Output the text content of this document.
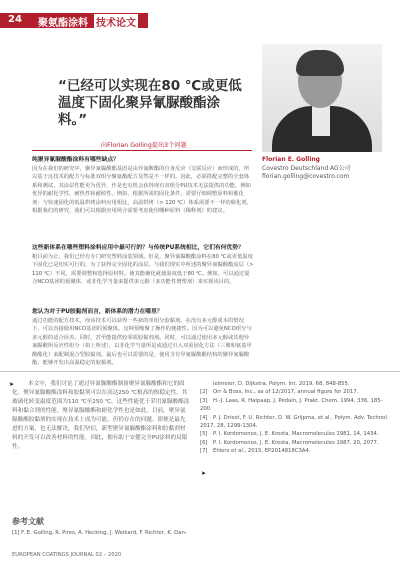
24 聚氨酯涂料 技术论文
“已经可以实现在80 ℃或更低温度下固化聚异氰脲酸酯涂料。”
向Florian Golling提出3个问题
Florian E. Golling
Covestro Deutschland AG公司
florian.golling@covestro.com

纯聚异氰脲酸酯涂料有哪些缺点？

因为在我们的研究中，聚异氰脲酸酯基团是由异氰酸酯的自身反应（交联反应）而形成的，所以基于这技术的配方与标准双组分聚氨酯配方显然是不一样的。因此，必须搭配完整的全套体系和测试，其涂层性能更为优异，作是也有机会获得现有双组分PU技术无法提供的功能，例如优异的耐化学性，耐热性和耐候性。例如，根据所需的固化条件，需要仔细调整原料和催化剂：与快速固化的低温烘烤涂料应用相比，高温烘烤（> 120 ℃）体系需要不一样的催化剂。根据我们的研究，我们可以根据应用场合需要考虑使用哪种原料（稀释剂）的建议。

这些新体系在哪些塑料涂料应用中最可行的？与传统PU系统相比，它们有何优势？

粗目前为止，我们已经有专门研究塑料涂装领域。但是，聚异氰脲酸酯涂料在80 ℃或更低温度下固化已是切实可行的，为了获得完全固化的涂层，与我们现实中所述的聚异氰脲酸酯涂层（> 110 ℃）不同，需要调整和选择原材料。使其能确化就使温度低于80 ℃。例如，可以通过混合NCO基团的预聚体，或非化学当量来提供多元醇（多功能性增塑剂）来实现该目的。

您认为对于PU胶黏剂而言，新体系的潜力在哪里？

通过功能的配方技术，而该技术可以获得一些新的单组分胶黏剂。在没有多元醇成本的情况下，可以直接使用NCO基团的预聚体。这种预缩聚了操作的便捷性。因为可以避免NCO组分与多元醇的适合误差。同时，甚至能提供较零质胶黏剂剂。同时，可以通过使用多元醇或其他异氰脲酸所反应性组分（如上所述），以非化学当量所是或通过引入双重固化方法（三聚和氨基甲酸酯化）来配制混合型胶黏剂。最后也可以需要的是，使用含有异氰脲酸酯结构的聚异氰脲酸酯，能够开发出高温稳定的胶黏剂。

➤	本文中，我们讨论了通过异氰脲酸酯制备聚异氰脲酸酯和它的固化。聚异氰脲酸酯涂料和胶黏剂可以在高达250 ℃根高的热稳定性，其玻璃化转变温度范围为110 ℃至250 ℃，这些性能优于采用氰脲酸酯涂料和黏合剂的性能。聚异氰脲酸酯和耐化学性也是如此。目前，聚异氰脲酸酯胶黏剂的实现在技术上成为可能，但仍存在的问题。即便是最先进的方案，也无法解决，我们坚信，新型聚异氰脲酸酯涂料和胶黏剂材料的开发可以改善材料的性能。因此，拥有助于安健完全PU涂料的局限性。

参考文献
[1] F. E. Golling, R. Pires, A. Hecking, J. Weikard, F. Richter, K. Dan-

ielmeier, D. Dijkstra, Polym. Int. 2019, 68, 848-855.

[2] Orr & Boss, Inc., as of 12/2017, annual figure for 2017.

[3] H.-J. Laas, R. Halpaap, J. Pedain, J. Prakt. Chem. 1994, 336, 185-200.

[4] P. J. Driest, F. U. Richter, D. W. Grijpma, et al., Polym. Adv. Technol. 2017, 28, 1299-1304.

[5] P. I. Kordomenos, J. E. Kresta, Macromolecules 1981, 14, 1434.

[6] P. I. Kordomenos, J. E. Kresta, Macromolecules 1987, 20, 2077.

[7] Ehlers et al., 2015, EP2014818C3A4.

➤
EUROPEAN COATINGS JOURNAL 02 – 2020
